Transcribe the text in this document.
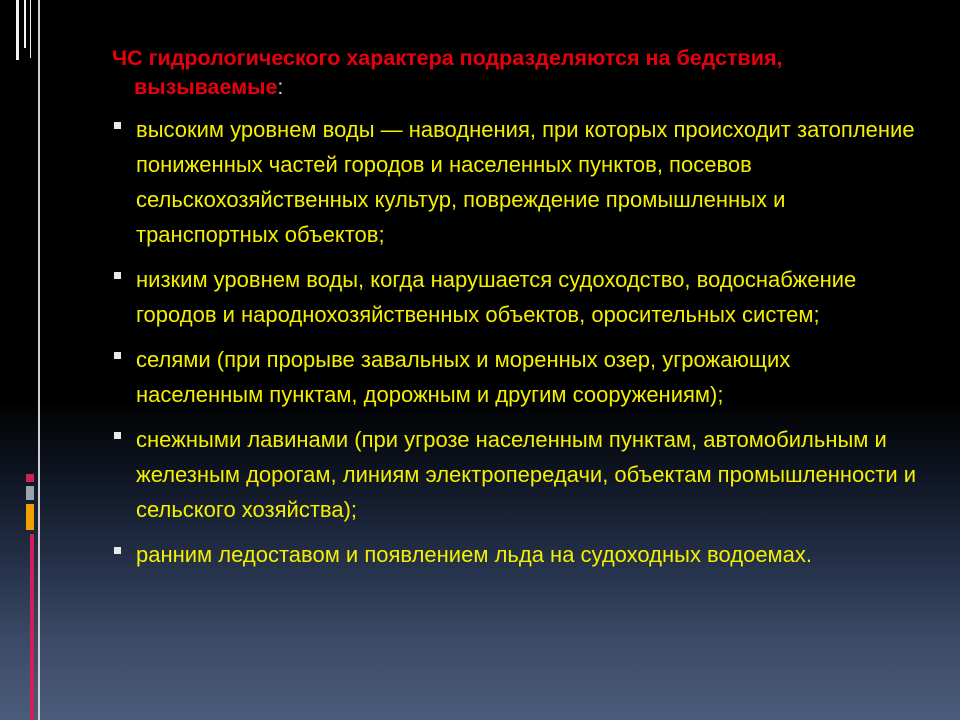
ЧС гидрологического характера подразделяются на бедствия,
вызываемые:
высоким уровнем воды — наводнения, при которых происходит затопление пониженных частей городов и населенных пунктов, посевов сельскохозяйственных культур, повреждение промышленных и транспортных объектов;
низким уровнем воды, когда нарушается судоходство, водоснабжение городов и народнохозяйственных объектов, оросительных систем;
селями (при прорыве завальных и моренных озер, угрожающих населенным пунктам, дорожным и другим сооружениям);
снежными лавинами (при угрозе населенным пунктам, автомобильным и железным дорогам, линиям электропередачи, объектам промышленности и сельского хозяйства);
ранним ледоставом и появлением льда на судоходных водоемах.
